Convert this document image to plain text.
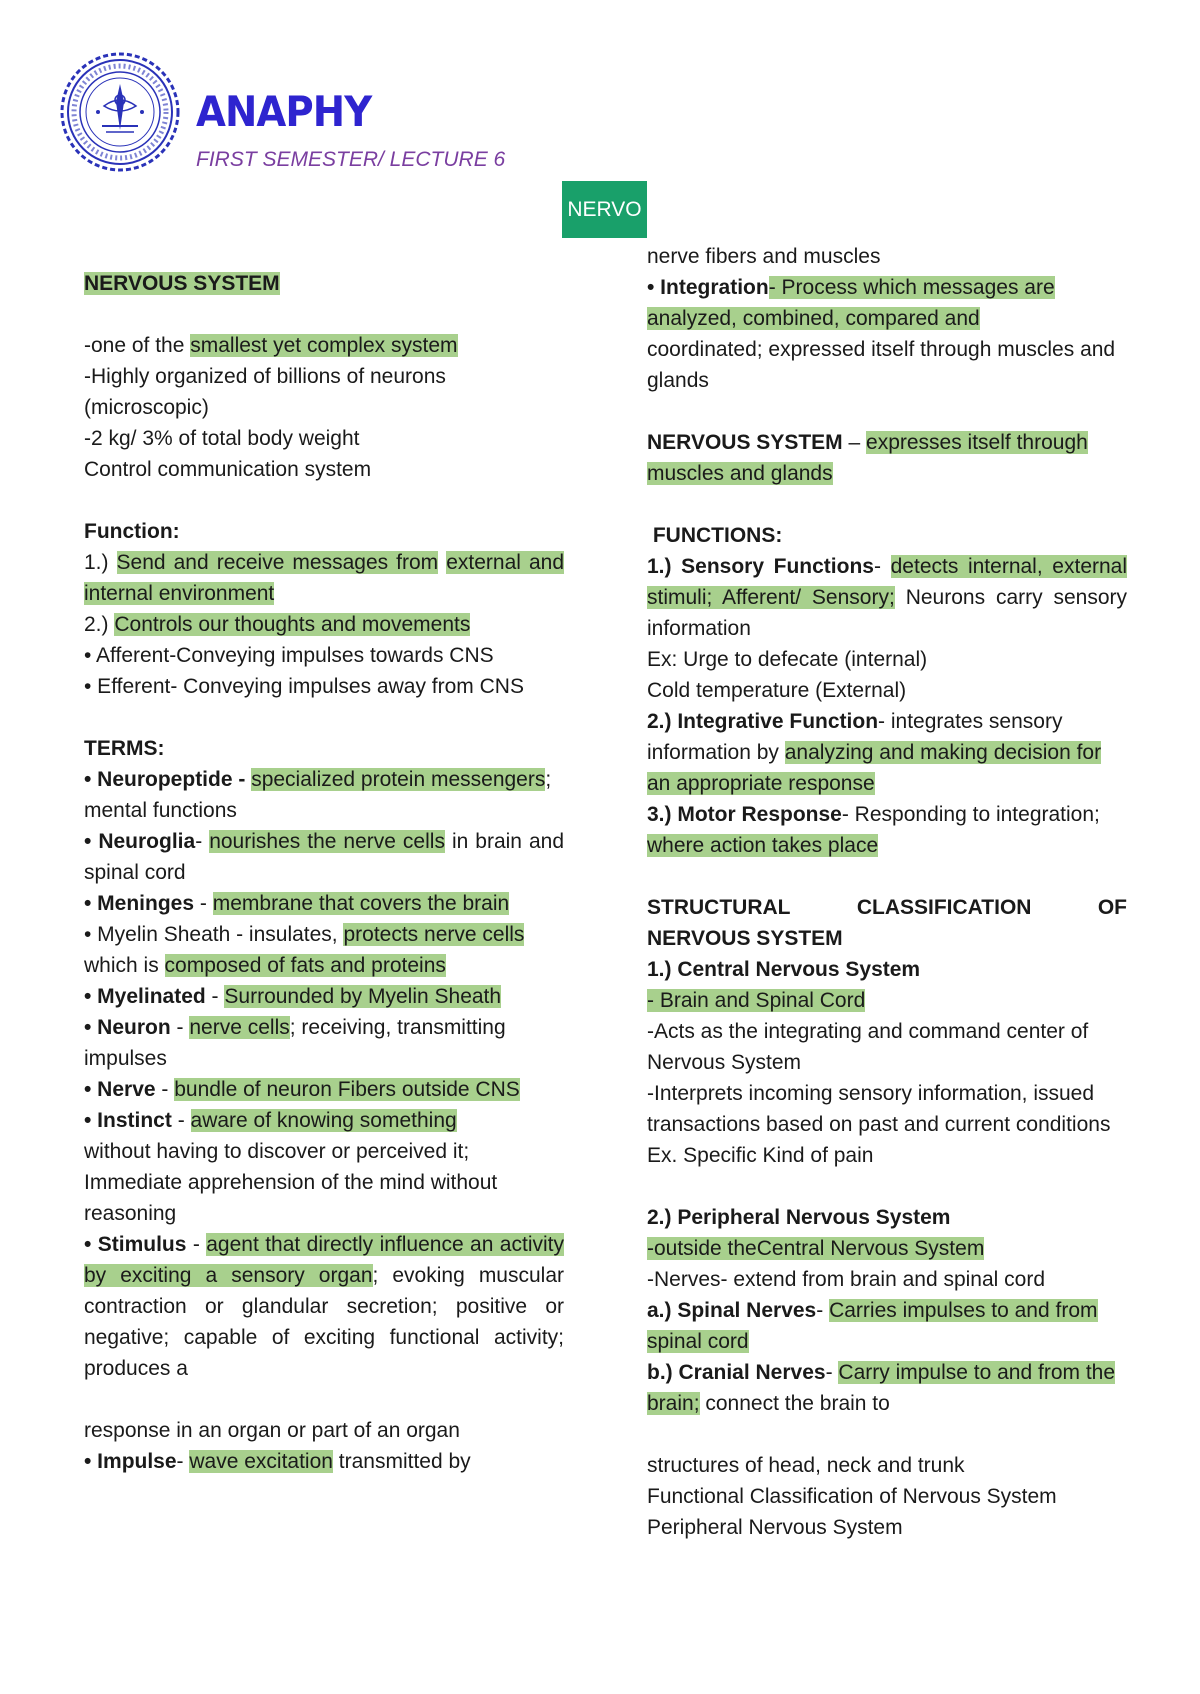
ANAPHY

FIRST SEMESTER/ LECTURE 6

NERVO

NERVOUS SYSTEM

-one of the smallest yet complex system

-Highly organized of billions of neurons (microscopic)

-2 kg/ 3% of total body weight

Control communication system

Function:

1.) Send and receive messages from external and internal environment

2.) Controls our thoughts and movements

• Afferent-Conveying impulses towards CNS

• Efferent- Conveying impulses away from CNS

TERMS:

• Neuropeptide - specialized protein messengers; mental functions

• Neuroglia- nourishes the nerve cells in brain and spinal cord

• Meninges - membrane that covers the brain

• Myelin Sheath - insulates, protects nerve cells which is composed of fats and proteins

• Myelinated - Surrounded by Myelin Sheath

• Neuron - nerve cells; receiving, transmitting impulses

• Nerve - bundle of neuron Fibers outside CNS

• Instinct - aware of knowing something

without having to discover or perceived it; Immediate apprehension of the mind without reasoning

• Stimulus - agent that directly influence an activity by exciting a sensory organ; evoking muscular contraction or glandular secretion; positive or negative; capable of exciting functional activity; produces a

response in an organ or part of an organ

• Impulse- wave excitation transmitted by

nerve fibers and muscles

• Integration- Process which messages are analyzed, combined, compared and

coordinated; expressed itself through muscles and glands

NERVOUS SYSTEM – expresses itself through muscles and glands

FUNCTIONS:

1.) Sensory Functions- detects internal, external stimuli; Afferent/ Sensory; Neurons carry sensory information

Ex: Urge to defecate (internal)

Cold temperature (External)

2.) Integrative Function- integrates sensory information by analyzing and making decision for an appropriate response

3.) Motor Response- Responding to integration; where action takes place

STRUCTURAL	CLASSIFICATION	OF

NERVOUS SYSTEM

1.) Central Nervous System

- Brain and Spinal Cord

-Acts as the integrating and command center of Nervous System

-Interprets incoming sensory information, issued transactions based on past and current conditions

Ex. Specific Kind of pain

2.) Peripheral Nervous System

-outside theCentral Nervous System

-Nerves- extend from brain and spinal cord

a.) Spinal Nerves- Carries impulses to and from spinal cord

b.) Cranial Nerves- Carry impulse to and from the brain; connect the brain to

structures of head, neck and trunk

Functional Classification of Nervous System

Peripheral Nervous System
